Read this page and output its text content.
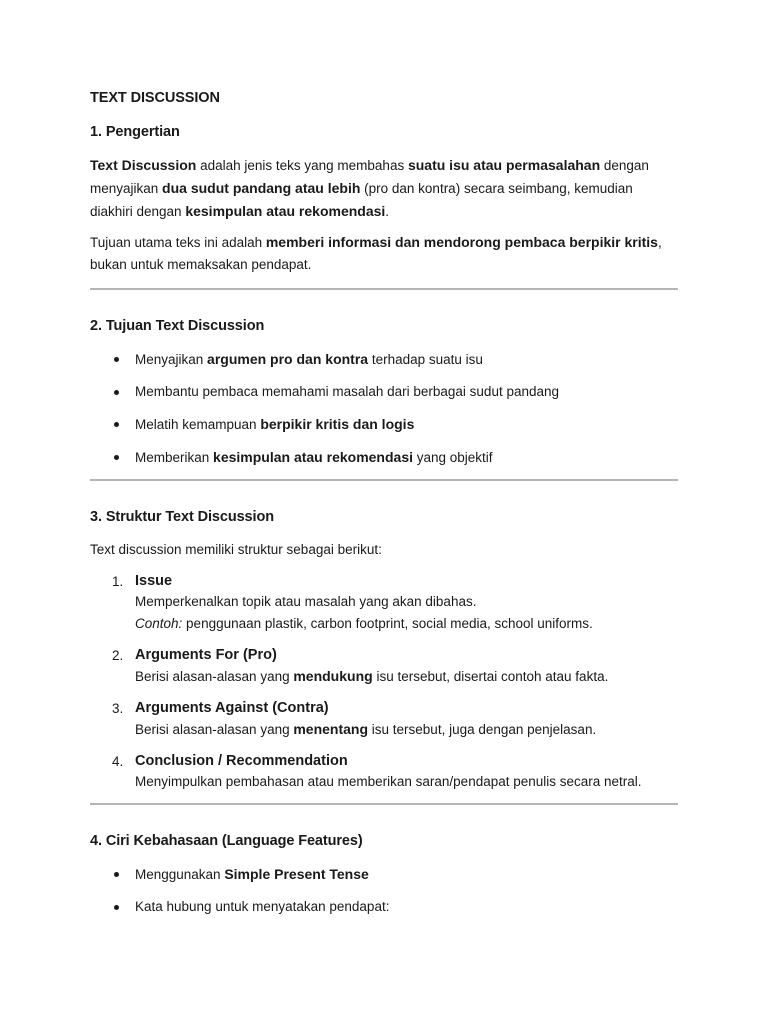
TEXT DISCUSSION
1. Pengertian

Text Discussion adalah jenis teks yang membahas suatu isu atau permasalahan dengan menyajikan dua sudut pandang atau lebih (pro dan kontra) secara seimbang, kemudian diakhiri dengan kesimpulan atau rekomendasi.

Tujuan utama teks ini adalah memberi informasi dan mendorong pembaca berpikir kritis, bukan untuk memaksakan pendapat.

2. Tujuan Text Discussion
Menyajikan argumen pro dan kontra terhadap suatu isu
Membantu pembaca memahami masalah dari berbagai sudut pandang
Melatih kemampuan berpikir kritis dan logis
Memberikan kesimpulan atau rekomendasi yang objektif
3. Struktur Text Discussion

Text discussion memiliki struktur sebagai berikut:

1. Issue
Memperkenalkan topik atau masalah yang akan dibahas.
Contoh: penggunaan plastik, carbon footprint, social media, school uniforms.
2. Arguments For (Pro)
Berisi alasan-alasan yang mendukung isu tersebut, disertai contoh atau fakta.
3. Arguments Against (Contra)
Berisi alasan-alasan yang menentang isu tersebut, juga dengan penjelasan.
4. Conclusion / Recommendation
Menyimpulkan pembahasan atau memberikan saran/pendapat penulis secara netral.
4. Ciri Kebahasaan (Language Features)
Menggunakan Simple Present Tense
Kata hubung untuk menyatakan pendapat:
